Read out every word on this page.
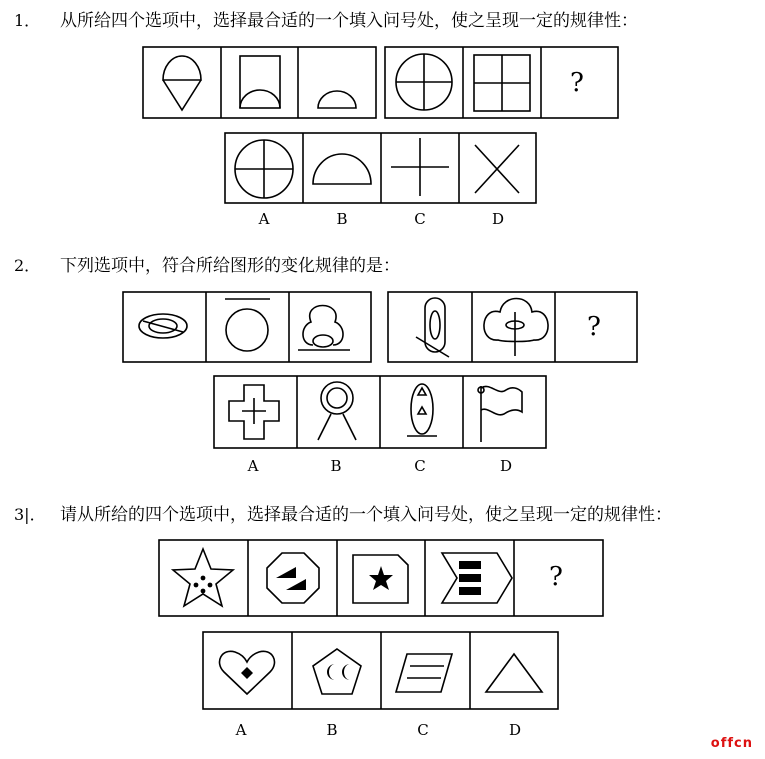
1． 从所给四个选项中，选择最合适的一个填入问号处，使之呈现一定的规律性：
2． 下列选项中，符合所给图形的变化规律的是：
3|． 请从所给的四个选项中，选择最合适的一个填入问号处，使之呈现一定的规律性：
?
?
?
A	B	C	D
A	B	C	D
A	B	C	D
offcn
